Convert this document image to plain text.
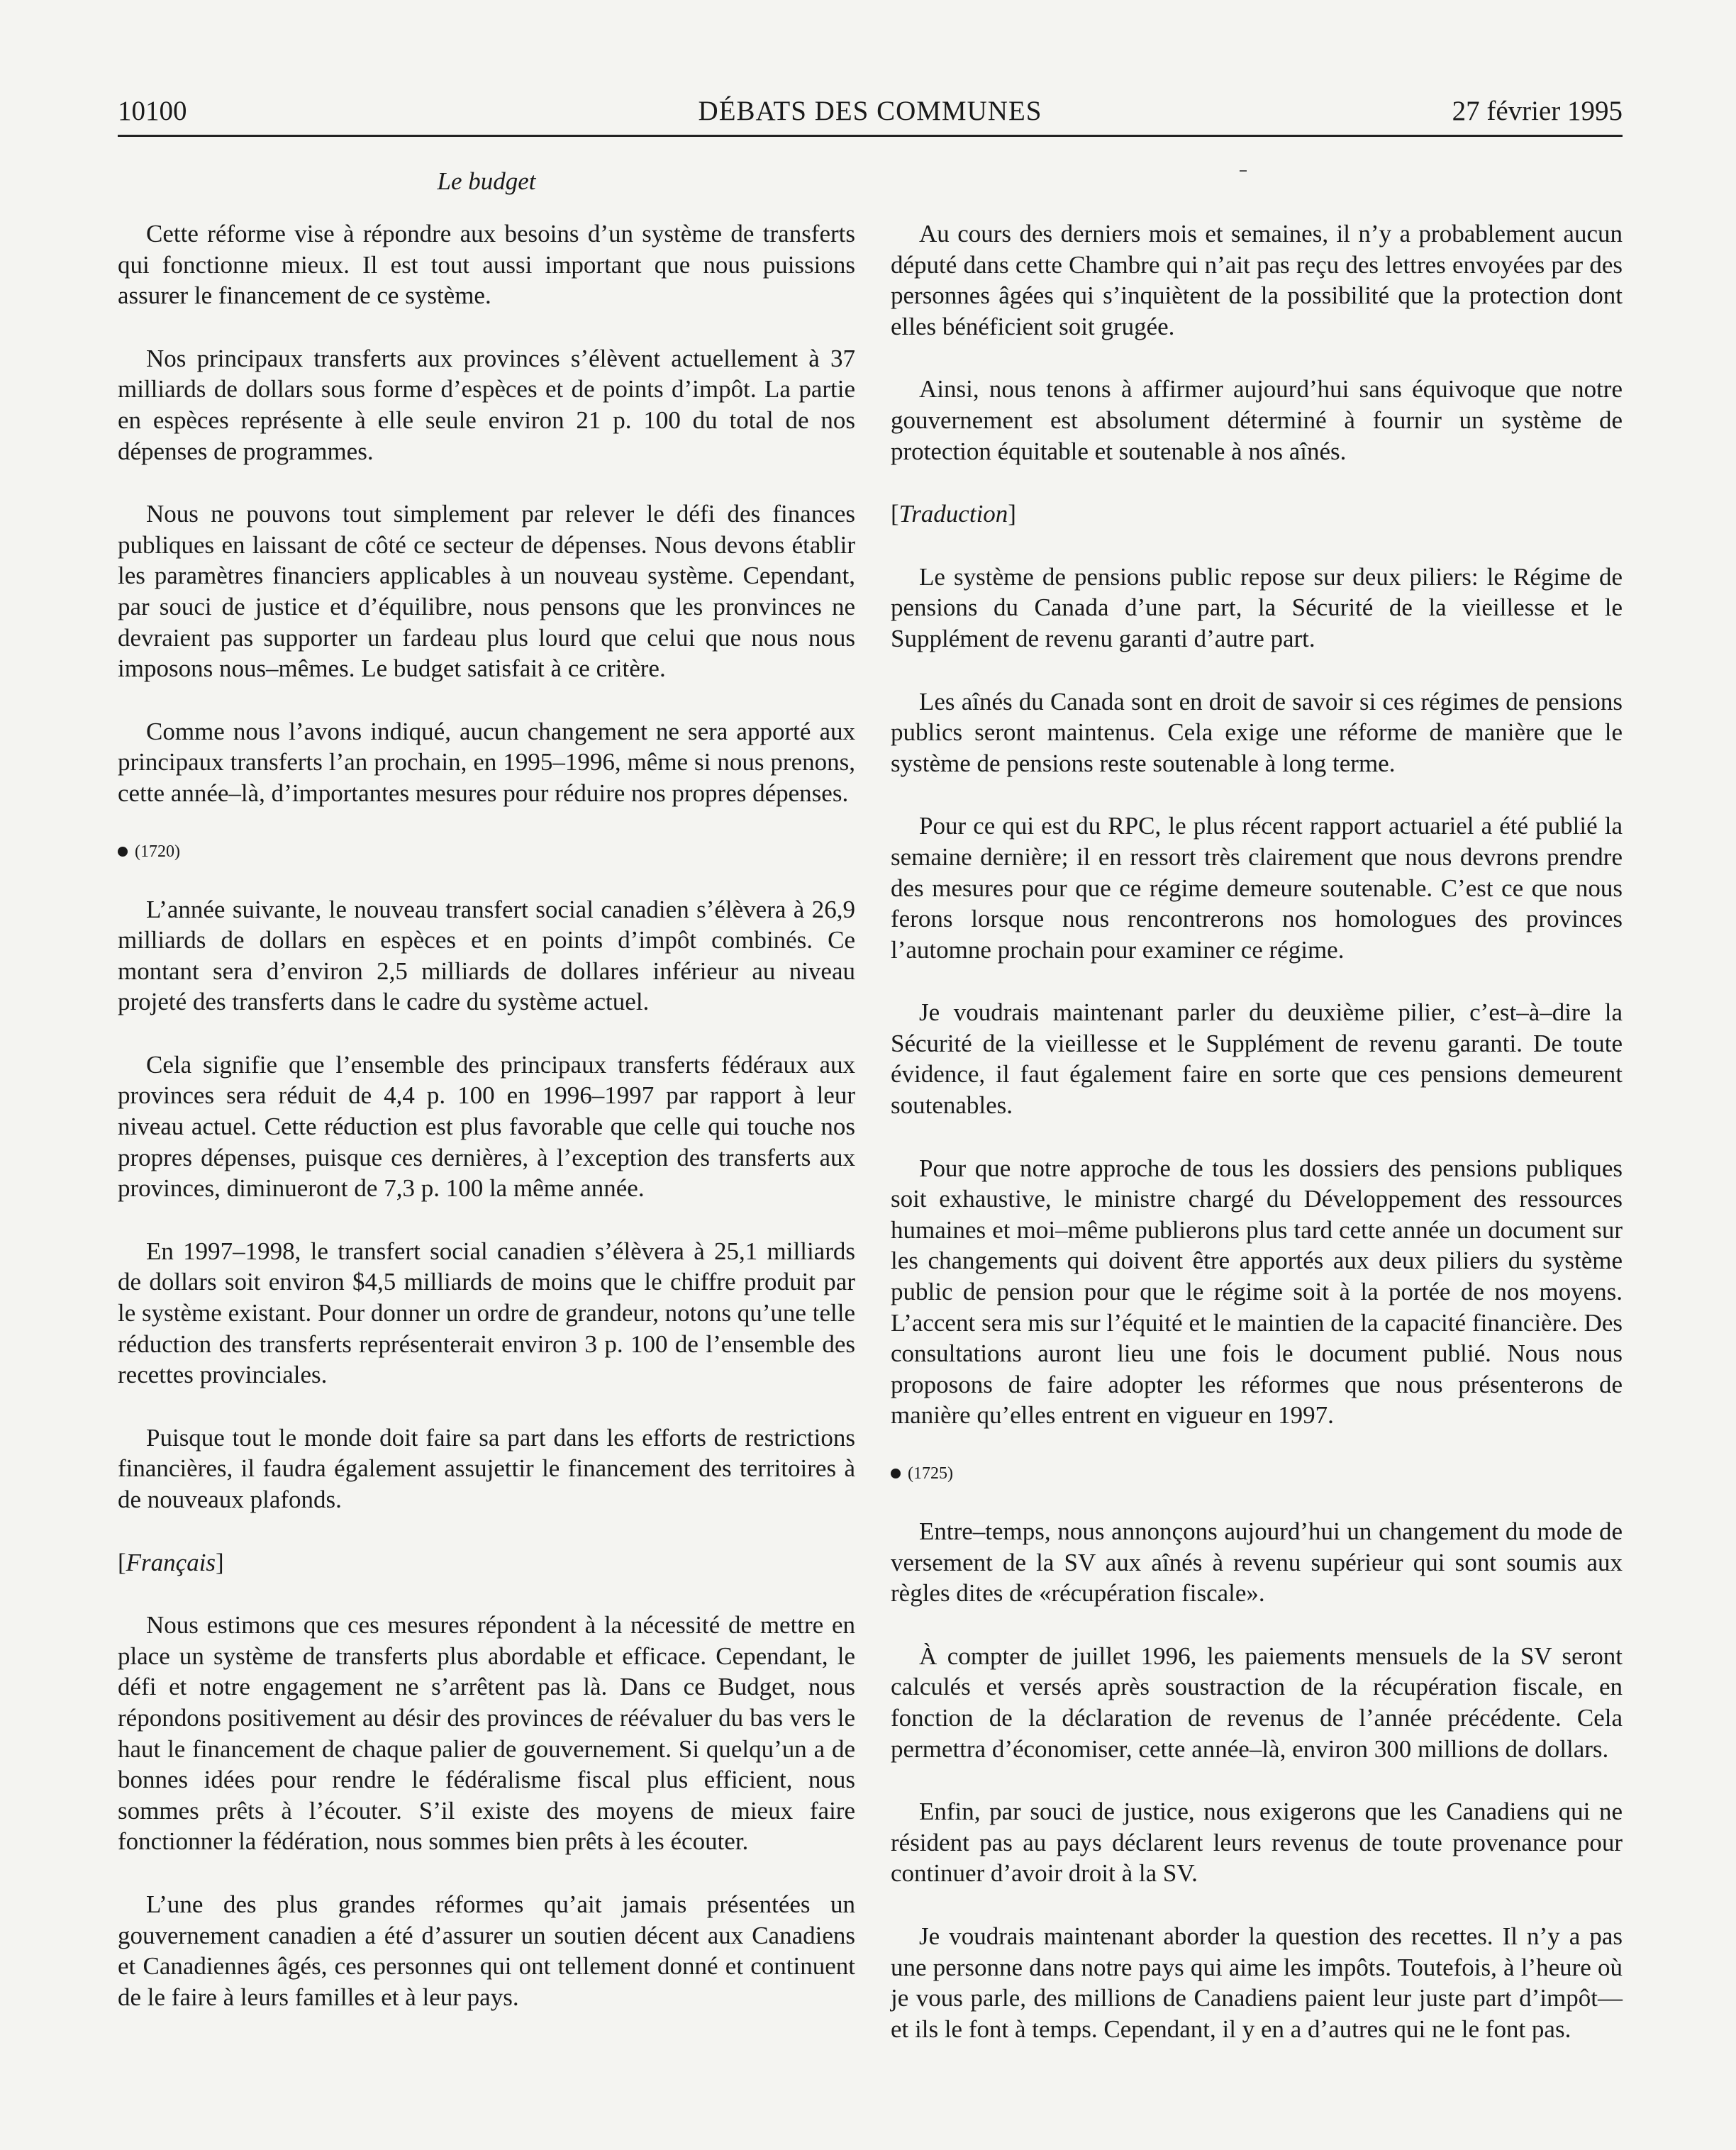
10100	DÉBATS DES COMMUNES	27 février 1995
Le budget

Cette réforme vise à répondre aux besoins d’un système de transferts qui fonctionne mieux. Il est tout aussi important que nous puissions assurer le financement de ce système.

Nos principaux transferts aux provinces s’élèvent actuellement à 37 milliards de dollars sous forme d’espèces et de points d’impôt. La partie en espèces représente à elle seule environ 21 p. 100 du total de nos dépenses de programmes.

Nous ne pouvons tout simplement par relever le défi des finances publiques en laissant de côté ce secteur de dépenses. Nous devons établir les paramètres financiers applicables à un nouveau système. Cependant, par souci de justice et d’équilibre, nous pensons que les pronvinces ne devraient pas supporter un fardeau plus lourd que celui que nous nous imposons nous–mêmes. Le budget satisfait à ce critère.

Comme nous l’avons indiqué, aucun changement ne sera apporté aux principaux transferts l’an prochain, en 1995–1996, même si nous prenons, cette année–là, d’importantes mesures pour réduire nos propres dépenses.

(1720)

L’année suivante, le nouveau transfert social canadien s’élèvera à 26,9 milliards de dollars en espèces et en points d’impôt combinés. Ce montant sera d’environ 2,5 milliards de dollares inférieur au niveau projeté des transferts dans le cadre du système actuel.

Cela signifie que l’ensemble des principaux transferts fédéraux aux provinces sera réduit de 4,4 p. 100 en 1996–1997 par rapport à leur niveau actuel. Cette réduction est plus favorable que celle qui touche nos propres dépenses, puisque ces dernières, à l’exception des transferts aux provinces, diminueront de 7,3 p. 100 la même année.

En 1997–1998, le transfert social canadien s’élèvera à 25,1 milliards de dollars soit environ $4,5 milliards de moins que le chiffre produit par le système existant. Pour donner un ordre de grandeur, notons qu’une telle réduction des transferts représenterait environ 3 p. 100 de l’ensemble des recettes provinciales.

Puisque tout le monde doit faire sa part dans les efforts de restrictions financières, il faudra également assujettir le financement des territoires à de nouveaux plafonds.

[Français]

Nous estimons que ces mesures répondent à la nécessité de mettre en place un système de transferts plus abordable et efficace. Cependant, le défi et notre engagement ne s’arrêtent pas là. Dans ce Budget, nous répondons positivement au désir des provinces de réévaluer du bas vers le haut le financement de chaque palier de gouvernement. Si quelqu’un a de bonnes idées pour rendre le fédéralisme fiscal plus efficient, nous sommes prêts à l’écouter. S’il existe des moyens de mieux faire fonctionner la fédération, nous sommes bien prêts à les écouter.

L’une des plus grandes réformes qu’ait jamais présentées un gouvernement canadien a été d’assurer un soutien décent aux Canadiens et Canadiennes âgés, ces personnes qui ont tellement donné et continuent de le faire à leurs familles et à leur pays.

Au cours des derniers mois et semaines, il n’y a probablement aucun député dans cette Chambre qui n’ait pas reçu des lettres envoyées par des personnes âgées qui s’inquiètent de la possibilité que la protection dont elles bénéficient soit grugée.

Ainsi, nous tenons à affirmer aujourd’hui sans équivoque que notre gouvernement est absolument déterminé à fournir un système de protection équitable et soutenable à nos aînés.

[Traduction]

Le système de pensions public repose sur deux piliers: le Régime de pensions du Canada d’une part, la Sécurité de la vieillesse et le Supplément de revenu garanti d’autre part.

Les aînés du Canada sont en droit de savoir si ces régimes de pensions publics seront maintenus. Cela exige une réforme de manière que le système de pensions reste soutenable à long terme.

Pour ce qui est du RPC, le plus récent rapport actuariel a été publié la semaine dernière; il en ressort très clairement que nous devrons prendre des mesures pour que ce régime demeure soutenable. C’est ce que nous ferons lorsque nous rencontrerons nos homologues des provinces l’automne prochain pour examiner ce régime.

Je voudrais maintenant parler du deuxième pilier, c’est–à–dire la Sécurité de la vieillesse et le Supplément de revenu garanti. De toute évidence, il faut également faire en sorte que ces pensions demeurent soutenables.

Pour que notre approche de tous les dossiers des pensions publiques soit exhaustive, le ministre chargé du Développement des ressources humaines et moi–même publierons plus tard cette année un document sur les changements qui doivent être apportés aux deux piliers du système public de pension pour que le régime soit à la portée de nos moyens. L’accent sera mis sur l’équité et le maintien de la capacité financière. Des consultations auront lieu une fois le document publié. Nous nous proposons de faire adopter les réformes que nous présenterons de manière qu’elles entrent en vigueur en 1997.

(1725)

Entre–temps, nous annonçons aujourd’hui un changement du mode de versement de la SV aux aînés à revenu supérieur qui sont soumis aux règles dites de «récupération fiscale».

À compter de juillet 1996, les paiements mensuels de la SV seront calculés et versés après soustraction de la récupération fiscale, en fonction de la déclaration de revenus de l’année précédente. Cela permettra d’économiser, cette année–là, environ 300 millions de dollars.

Enfin, par souci de justice, nous exigerons que les Canadiens qui ne résident pas au pays déclarent leurs revenus de toute provenance pour continuer d’avoir droit à la SV.

Je voudrais maintenant aborder la question des recettes. Il n’y a pas une personne dans notre pays qui aime les impôts. Toutefois, à l’heure où je vous parle, des millions de Canadiens paient leur juste part d’impôt—et ils le font à temps. Cependant, il y en a d’autres qui ne le font pas.
